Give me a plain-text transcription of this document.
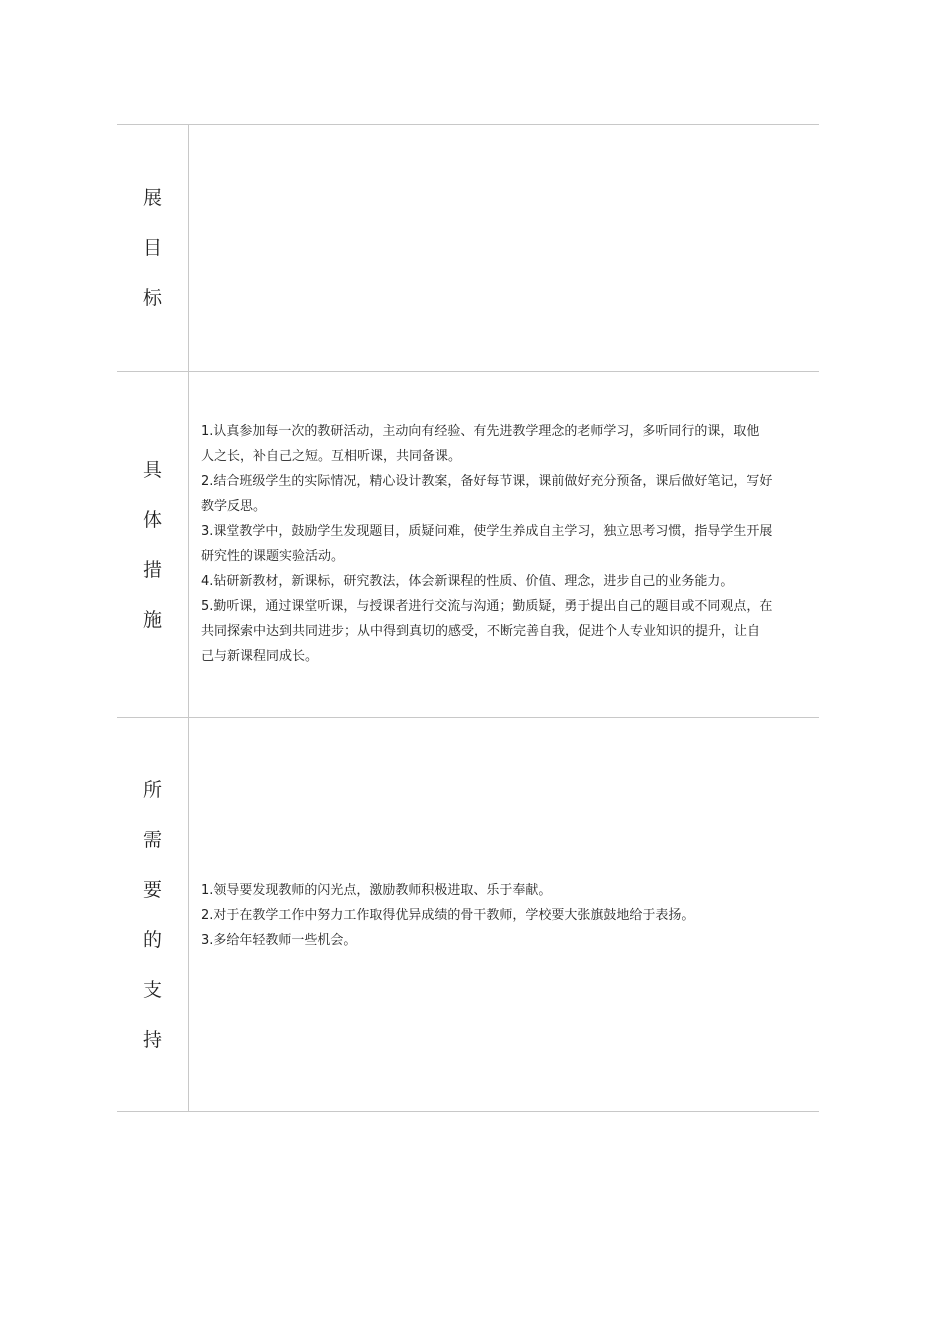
展
目
标
具
体
措
施
1.认真参加每一次的教研活动，主动向有经验、有先进教学理念的老师学习，多听同行的课，取他
人之长，补自己之短。互相听课，共同备课。
2.结合班级学生的实际情况，精心设计教案，备好每节课，课前做好充分预备，课后做好笔记，写好
教学反思。
3.课堂教学中，鼓励学生发现题目，质疑问难，使学生养成自主学习，独立思考习惯，指导学生开展
研究性的课题实验活动。
4.钻研新教材，新课标，研究教法，体会新课程的性质、价值、理念，进步自己的业务能力。
5.勤听课，通过课堂听课，与授课者进行交流与沟通；勤质疑，勇于提出自己的题目或不同观点，在
共同探索中达到共同进步；从中得到真切的感受，不断完善自我，促进个人专业知识的提升，让自
己与新课程同成长。
所
需
要
的
支
持
1.领导要发现教师的闪光点，激励教师积极进取、乐于奉献。
2.对于在教学工作中努力工作取得优异成绩的骨干教师，学校要大张旗鼓地给于表扬。
3.多给年轻教师一些机会。
